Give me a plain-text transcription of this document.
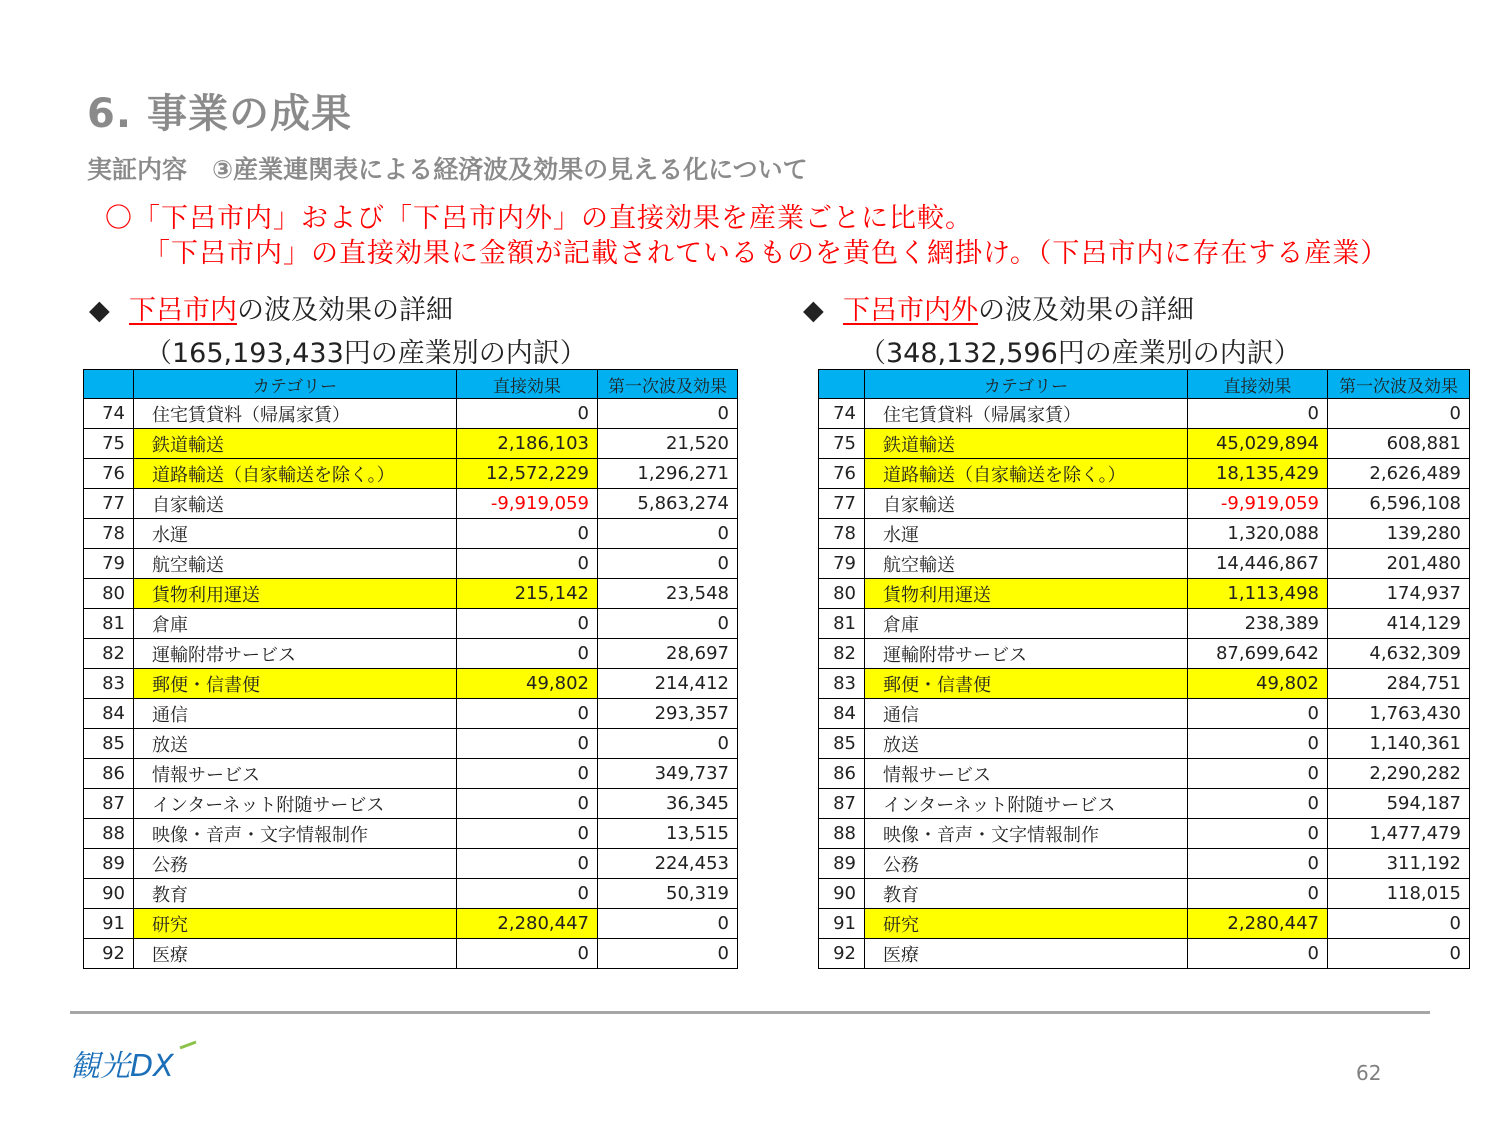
6. 事業の成果
実証内容　③産業連関表による経済波及効果の見える化について
〇「下呂市内」および「下呂市内外」の直接効果を産業ごとに比較。
「下呂市内」の直接効果に金額が記載されているものを黄色く網掛け。（下呂市内に存在する産業）
◆ 下呂市内の波及効果の詳細
（165,193,433円の産業別の内訳）
◆ 下呂市内外の波及効果の詳細
（348,132,596円の産業別の内訳）
	カテゴリー	直接効果	第一次波及効果
74	住宅賃貸料（帰属家賃）	0	0
75	鉄道輸送	2,186,103	21,520
76	道路輸送（自家輸送を除く。）	12,572,229	1,296,271
77	自家輸送	-9,919,059	5,863,274
78	水運	0	0
79	航空輸送	0	0
80	貨物利用運送	215,142	23,548
81	倉庫	0	0
82	運輸附帯サービス	0	28,697
83	郵便・信書便	49,802	214,412
84	通信	0	293,357
85	放送	0	0
86	情報サービス	0	349,737
87	インターネット附随サービス	0	36,345
88	映像・音声・文字情報制作	0	13,515
89	公務	0	224,453
90	教育	0	50,319
91	研究	2,280,447	0
92	医療	0	0
	カテゴリー	直接効果	第一次波及効果
74	住宅賃貸料（帰属家賃）	0	0
75	鉄道輸送	45,029,894	608,881
76	道路輸送（自家輸送を除く。）	18,135,429	2,626,489
77	自家輸送	-9,919,059	6,596,108
78	水運	1,320,088	139,280
79	航空輸送	14,446,867	201,480
80	貨物利用運送	1,113,498	174,937
81	倉庫	238,389	414,129
82	運輸附帯サービス	87,699,642	4,632,309
83	郵便・信書便	49,802	284,751
84	通信	0	1,763,430
85	放送	0	1,140,361
86	情報サービス	0	2,290,282
87	インターネット附随サービス	0	594,187
88	映像・音声・文字情報制作	0	1,477,479
89	公務	0	311,192
90	教育	0	118,015
91	研究	2,280,447	0
92	医療	0	0
観光DX	62
